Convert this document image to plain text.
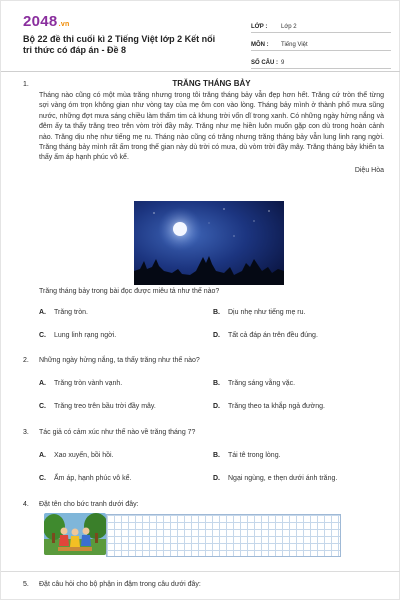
2048.vn
Bộ 22 đề thi cuối kì 2 Tiếng Việt lớp 2 Kết nối tri thức có đáp án - Đề 8
LỚP :	Lớp 2
MÔN :	Tiếng Việt
SỐ CÂU : 9
1.	TRĂNG THÁNG BẢY
Tháng nào cũng có một mùa trăng nhưng trong tôi trăng tháng bảy vẫn đẹp hơn hết. Trăng cứ tròn thể từng sợi vàng óm trọn không gian như vòng tay của mẹ ôm con vào lòng. Tháng bảy mình ở thành phố mưa sũng nước, những đợt mưa sáng chiều làm thấm tim cả khung trời vốn dĩ trong xanh. Có những ngày hửng nắng và đêm ấy ta thấy trăng treo trên vòm trời đầy mây. Trăng như mẹ hiền luôn muốn gặp con dù trong hoàn cảnh nào. Trăng dịu nhẹ như tiếng mẹ ru. Tháng nào cũng có trăng nhưng trăng tháng bảy vẫn lung linh rạng ngời. Trăng tháng bảy mình rất ấm trong thế gian này dù trời có mưa, dù vòm trời đầy mây. Trăng tháng bảy khiến ta thấy ấm áp hạnh phúc vô kể.
Diệu Hòa
Trăng tháng bảy trong bài đọc được miêu tả như thế nào?
A. Trăng tròn.	B. Dịu nhẹ như tiếng mẹ ru.
C. Lung linh rạng ngời.	D. Tất cả đáp án trên đều đúng.
2. Những ngày hửng nắng, ta thấy trăng như thế nào?
A. Trăng tròn vành vạnh.	B. Trăng sáng vằng vặc.
C. Trăng treo trên bầu trời đầy mây.	D. Trăng theo ta khắp ngả đường.
3. Tác giả có cảm xúc như thế nào về trăng tháng 7?
A. Xao xuyến, bồi hồi.	B. Tái tê trong lòng.
C. Ấm áp, hạnh phúc vô kể.	D. Ngại ngùng, e thẹn dưới ánh trăng.
4. Đặt tên cho bức tranh dưới đây:
5. Đặt câu hỏi cho bộ phận in đậm trong câu dưới đây:
